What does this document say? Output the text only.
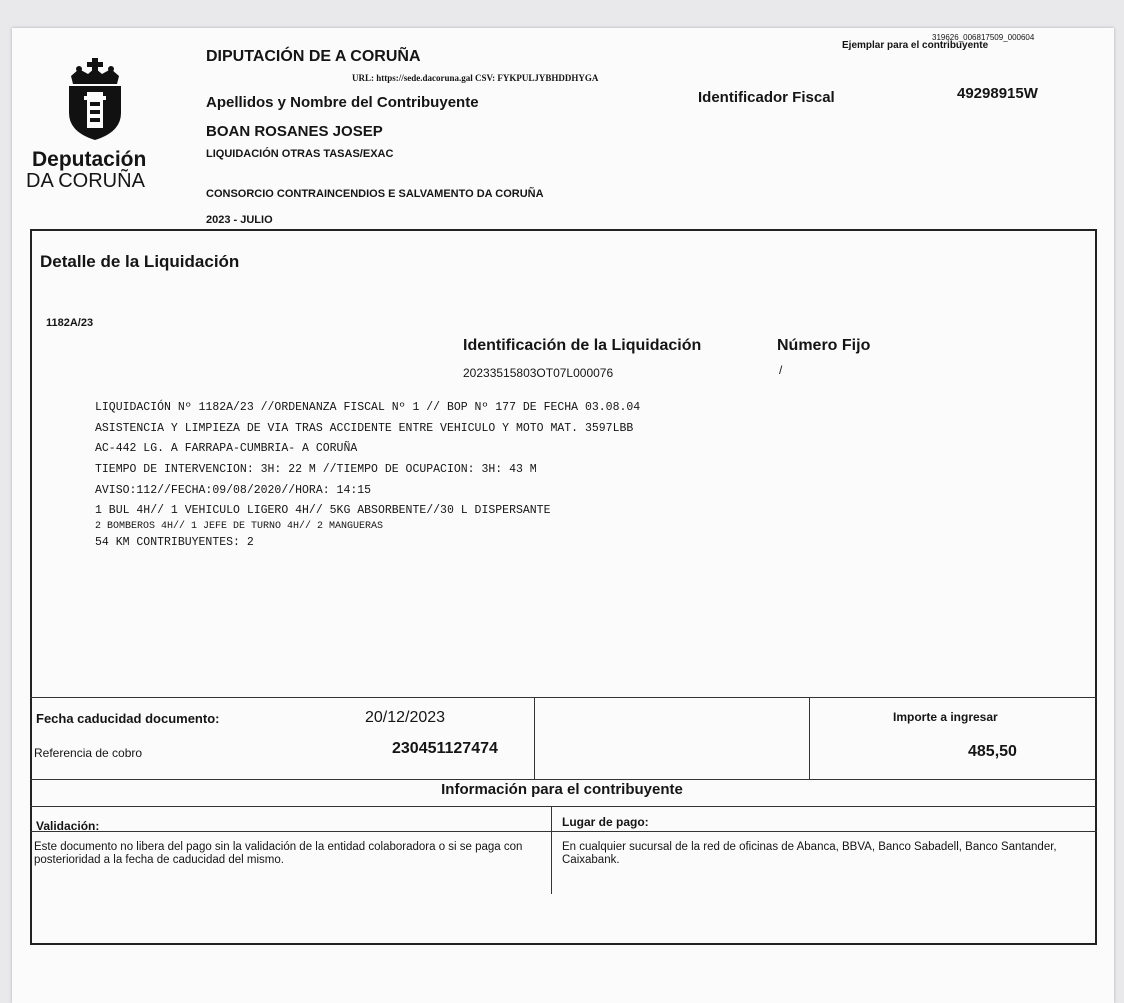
319626_006817509_000604
Ejemplar para el contribuyente
Deputación
DA CORUÑA
DIPUTACIÓN DE A CORUÑA
URL: https://sede.dacoruna.gal CSV: FYKPULJYBHDDHYGA
Apellidos y Nombre del Contribuyente	Identificador Fiscal	49298915W
BOAN ROSANES JOSEP
LIQUIDACIÓN OTRAS TASAS/EXAC
CONSORCIO CONTRAINCENDIOS E SALVAMENTO DA CORUÑA
2023 - JULIO
Detalle de la Liquidación
1182A/23
Identificación de la Liquidación	Número Fijo
20233515803OT07L000076	/
LIQUIDACIÓN Nº 1182A/23 //ORDENANZA FISCAL Nº 1 // BOP Nº 177 DE FECHA 03.08.04
ASISTENCIA Y LIMPIEZA DE VIA TRAS ACCIDENTE ENTRE VEHICULO Y MOTO MAT. 3597LBB
AC-442 LG. A FARRAPA-CUMBRIA- A CORUÑA
TIEMPO DE INTERVENCION: 3H: 22 M //TIEMPO DE OCUPACION: 3H: 43 M
AVISO:112//FECHA:09/08/2020//HORA: 14:15
1 BUL 4H// 1 VEHICULO LIGERO 4H// 5KG ABSORBENTE//30 L DISPERSANTE
2 BOMBEROS 4H// 1 JEFE DE TURNO 4H// 2 MANGUERAS
54 KM CONTRIBUYENTES: 2
Fecha caducidad documento:	20/12/2023
Referencia de cobro	230451127474
Importe a ingresar
485,50
Información para el contribuyente
Validación:	Lugar de pago:
Este documento no libera del pago sin la validación de la entidad colaboradora o si se paga con posterioridad a la fecha de caducidad del mismo.
En cualquier sucursal de la red de oficinas de Abanca, BBVA, Banco Sabadell, Banco Santander, Caixabank.
